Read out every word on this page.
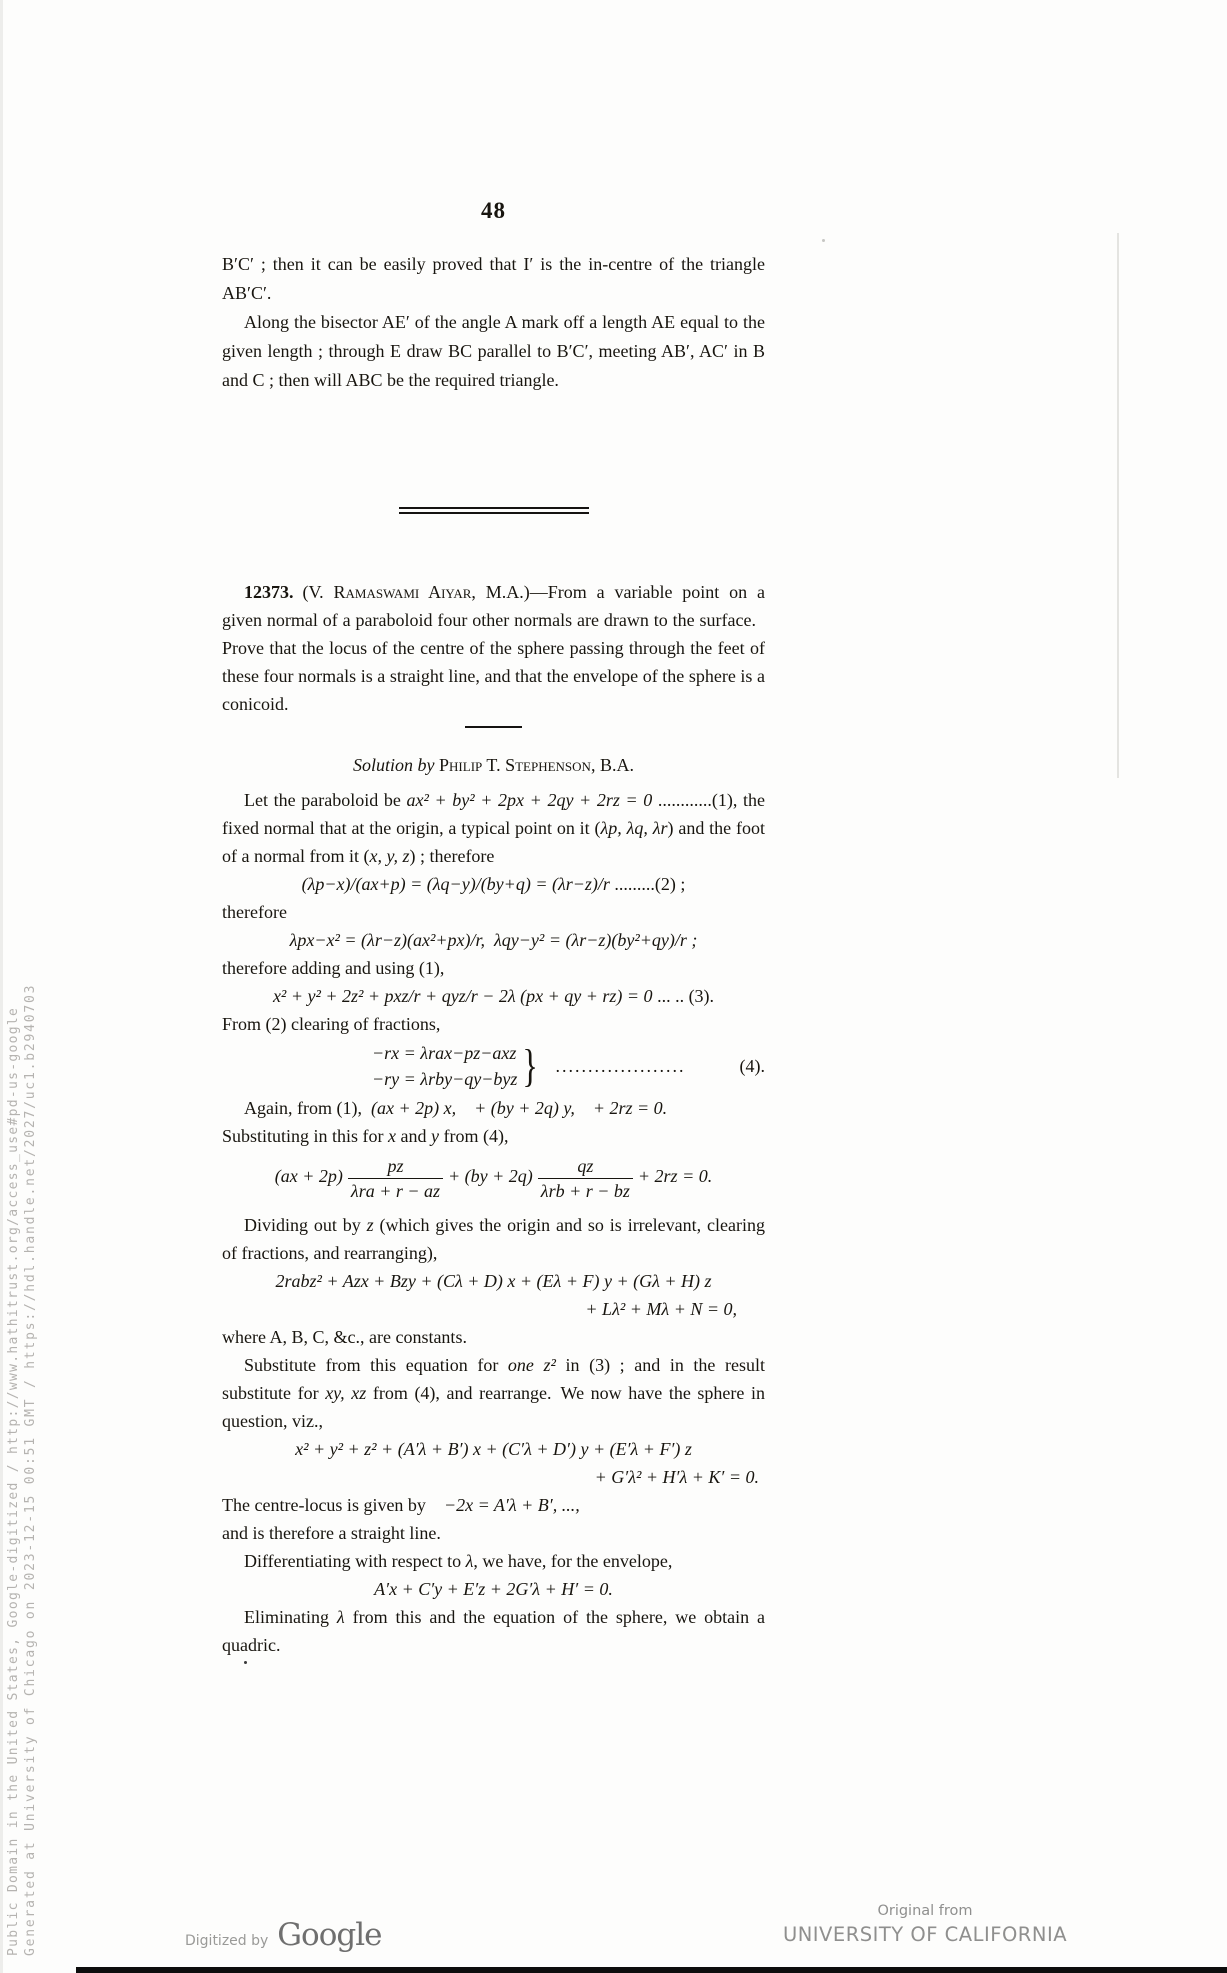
Public Domain in the United States, Google-digitized / http://www.hathitrust.org/access_use#pd-us-google Generated at University of Chicago on 2023-12-15 00:51 GMT / https://hdl.handle.net/2027/uc1.b2940703
48

B′C′ ; then it can be easily proved that I′ is the in-centre of the triangle AB′C′.

Along the bisector AE′ of the angle A mark off a length AE equal to the given length ; through E draw BC parallel to B′C′, meeting AB′, AC′ in B and C ; then will ABC be the required triangle.

12373.  (V. Ramaswami Aiyar, M.A.)—From a variable point on a given normal of a paraboloid four other normals are drawn to the surface. Prove that the locus of the centre of the sphere passing through the feet of these four normals is a straight line, and that the envelope of the sphere is a conicoid.

Solution by Philip T. Stephenson, B.A.

Let the paraboloid be ax² + by² + 2px + 2qy + 2rz = 0 ............(1), the fixed normal that at the origin, a typical point on it (λp, λq, λr) and the foot of a normal from it (x, y, z) ; therefore

(λp−x)/(ax+p) = (λq−y)/(by+q) = (λr−z)/r .........(2) ;

therefore

λpx−x² = (λr−z)(ax²+px)/r, λqy−y² = (λr−z)(by²+qy)/r ;

therefore adding and using (1),

x² + y² + 2z² + pxz/r + qyz/r − 2λ (px + qy + rz) = 0 ... .. (3).

From (2) clearing of fractions,

−rx = λrax−pz−axz
−ry = λrby−qy−byz } ....................	(4).

Again, from (1), (ax + 2p) x, + (by + 2q) y, + 2rz = 0.

Substituting in this for x and y from (4),

$(ax + 2p) \frac{pz}{\text{λra + r − az}} + (by + 2q) \frac{qz}{\text{λrb + r − bz}} + 2rz = 0$.

Dividing out by z (which gives the origin and so is irrelevant, clearing of fractions, and rearranging),

2rabz² + Azx + Bzy + (Cλ + D) x + (Eλ + F) y + (Gλ + H) z
+ Lλ² + Mλ + N = 0,

where A, B, C, &c., are constants.

Substitute from this equation for one z² in (3) ; and in the result substitute for xy, xz from (4), and rearrange. We now have the sphere in question, viz.,

x² + y² + z² + (A′λ + B′) x + (C′λ + D′) y + (E′λ + F′) z
+ G′λ² + H′λ + K′ = 0.

The centre-locus is given by −2x = A′λ + B′, ...,

and is therefore a straight line.

Differentiating with respect to λ, we have, for the envelope,

A′x + C′y + E′z + 2G′λ + H′ = 0.

Eliminating λ from this and the equation of the sphere, we obtain a quadric.

Digitized by Google
Original from
UNIVERSITY OF CALIFORNIA
